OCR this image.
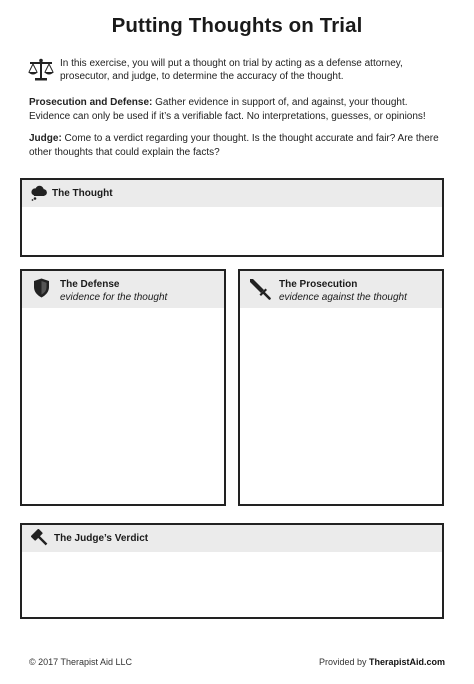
Putting Thoughts on Trial
In this exercise, you will put a thought on trial by acting as a defense attorney, prosecutor, and judge, to determine the accuracy of the thought.
Prosecution and Defense: Gather evidence in support of, and against, your thought. Evidence can only be used if it’s a verifiable fact. No interpretations, guesses, or opinions!
Judge: Come to a verdict regarding your thought. Is the thought accurate and fair? Are there other thoughts that could explain the facts?
The Thought
The Defense
evidence for the thought
The Prosecution
evidence against the thought
The Judge’s Verdict
© 2017 Therapist Aid LLC	Provided by TherapistAid.com
